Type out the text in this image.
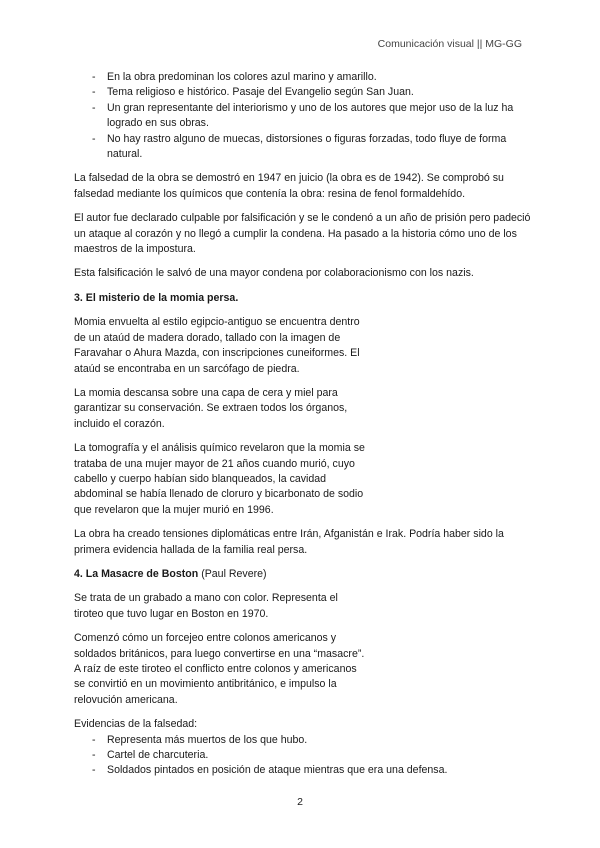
Comunicación visual || MG-GG
- En la obra predominan los colores azul marino y amarillo.
- Tema religioso e histórico. Pasaje del Evangelio según San Juan.
- Un gran representante del interiorismo y uno de los autores que mejor uso de la luz ha logrado en sus obras.
- No hay rastro alguno de muecas, distorsiones o figuras forzadas, todo fluye de forma natural.

La falsedad de la obra se demostró en 1947 en juicio (la obra es de 1942). Se comprobó su falsedad mediante los químicos que contenía la obra: resina de fenol formaldehído.

El autor fue declarado culpable por falsificación y se le condenó a un año de prisión pero padeció un ataque al corazón y no llegó a cumplir la condena. Ha pasado a la historia cómo uno de los maestros de la impostura.

Esta falsificación le salvó de una mayor condena por colaboracionismo con los nazis.

3. El misterio de la momia persa.

Momia envuelta al estilo egipcio-antiguo se encuentra dentro de un ataúd de madera dorado, tallado con la imagen de Faravahar o Ahura Mazda, con inscripciones cuneiformes. El ataúd se encontraba en un sarcófago de piedra.

La momia descansa sobre una capa de cera y miel para garantizar su conservación. Se extraen todos los órganos, incluido el corazón.

La tomografía y el análisis químico revelaron que la momia se trataba de una mujer mayor de 21 años cuando murió, cuyo cabello y cuerpo habían sido blanqueados, la cavidad abdominal se había llenado de cloruro y bicarbonato de sodio que revelaron que la mujer murió en 1996.

La obra ha creado tensiones diplomáticas entre Irán, Afganistán e Irak. Podría haber sido la primera evidencia hallada de la familia real persa.

4. La Masacre de Boston (Paul Revere)

Se trata de un grabado a mano con color. Representa el tiroteo que tuvo lugar en Boston en 1970.

Comenzó cómo un forcejeo entre colonos americanos y soldados británicos, para luego convertirse en una “masacre”. A raíz de este tiroteo el conflicto entre colonos y americanos se convirtió en un movimiento antibritánico, e impulso la relovución americana.

Evidencias de la falsedad:

- Representa más muertos de los que hubo.
- Cartel de charcuteria.
- Soldados pintados en posición de ataque mientras que era una defensa.
2
